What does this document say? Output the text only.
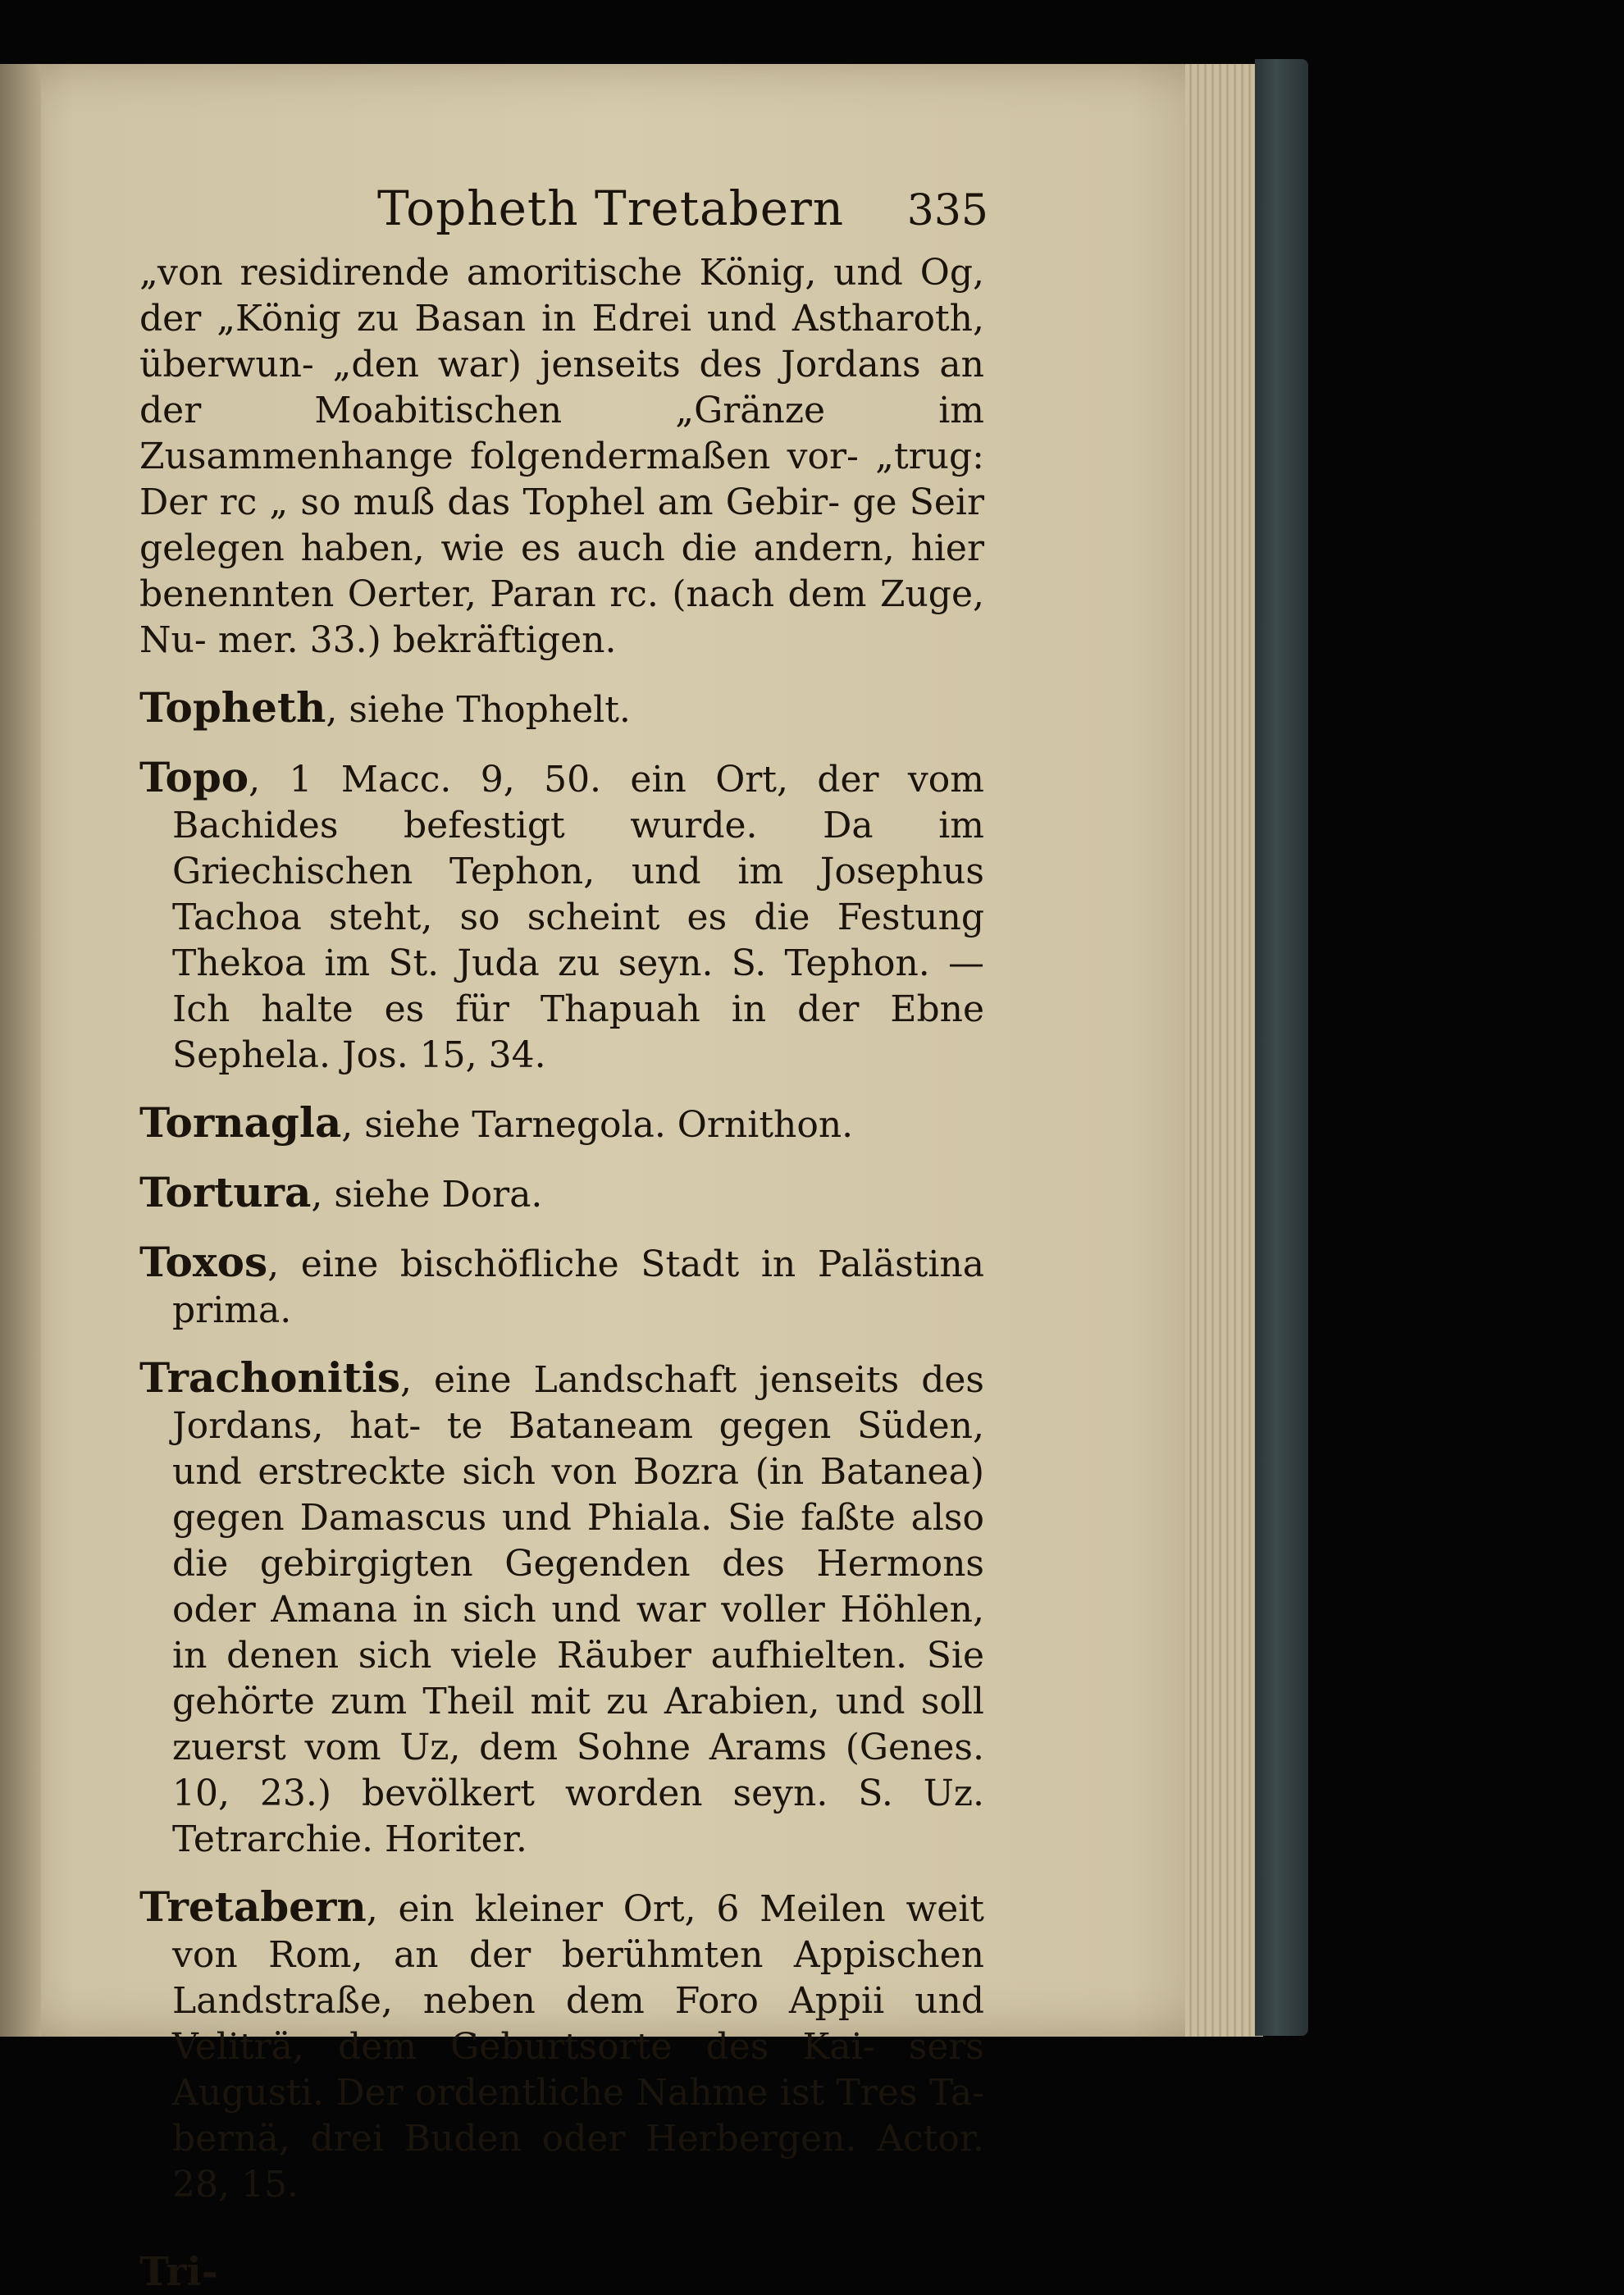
Topheth Tretabern 335

„von residirende amoritische König, und Og, der „König zu Basan in Edrei und Astharoth, überwun- „den war) jenseits des Jordans an der Moabitischen „Gränze im Zusammenhange folgendermaßen vor- „trug: Der rc „ so muß das Tophel am Gebir- ge Seir gelegen haben, wie es auch die andern, hier benennten Oerter, Paran rc. (nach dem Zuge, Nu- mer. 33.) bekräftigen.

Topheth, siehe Thophelt.

Topo, 1 Macc. 9, 50. ein Ort, der vom Bachides befestigt wurde. Da im Griechischen Tephon, und im Josephus Tachoa steht, so scheint es die Festung Thekoa im St. Juda zu seyn. S. Tephon. — Ich halte es für Thapuah in der Ebne Sephela. Jos. 15, 34.

Tornagla, siehe Tarnegola. Ornithon.

Tortura, siehe Dora.

Toxos, eine bischöfliche Stadt in Palästina prima.

Trachonitis, eine Landschaft jenseits des Jordans, hat- te Bataneam gegen Süden, und erstreckte sich von Bozra (in Batanea) gegen Damascus und Phiala. Sie faßte also die gebirgigten Gegenden des Hermons oder Amana in sich und war voller Höhlen, in denen sich viele Räuber aufhielten. Sie gehörte zum Theil mit zu Arabien, und soll zuerst vom Uz, dem Sohne Arams (Genes. 10, 23.) bevölkert worden seyn. S. Uz. Tetrarchie. Horiter.

Tretabern, ein kleiner Ort, 6 Meilen weit von Rom, an der berühmten Appischen Landstraße, neben dem Foro Appii und Veliträ, dem Geburtsorte des Kai- sers Augusti. Der ordentliche Nahme ist Tres Ta- bernä, drei Buden oder Herbergen. Actor. 28, 15.

Tri-
